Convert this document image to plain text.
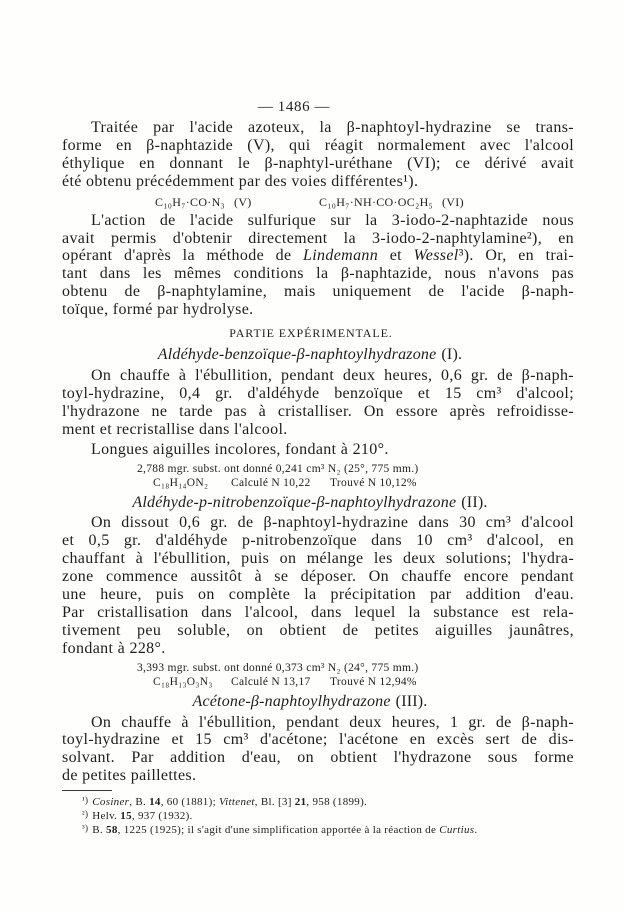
— 1486 —
Traitée par l'acide azoteux, la β-naphtoyl-hydrazine se trans-
forme en β-naphtazide (V), qui réagit normalement avec l'alcool
éthylique en donnant le β-naphtyl-uréthane (VI); ce dérivé avait
été obtenu précédemment par des voies différentes¹).
C₁₀H₇·CO·N₃ (V)	C₁₀H₇·NH·CO·OC₂H₅ (VI)
L'action de l'acide sulfurique sur la 3-iodo-2-naphtazide nous
avait permis d'obtenir directement la 3-iodo-2-naphtylamine²), en
opérant d'après la méthode de Lindemann et Wessel³). Or, en trai-
tant dans les mêmes conditions la β-naphtazide, nous n'avons pas
obtenu de β-naphtylamine, mais uniquement de l'acide β-naph-
toïque, formé par hydrolyse.
PARTIE EXPÉRIMENTALE.
Aldéhyde-benzoïque-β-naphtoylhydrazone (I).
On chauffe à l'ébullition, pendant deux heures, 0,6 gr. de β-naph-
toyl-hydrazine, 0,4 gr. d'aldéhyde benzoïque et 15 cm³ d'alcool;
l'hydrazone ne tarde pas à cristalliser. On essore après refroidisse-
ment et recristallise dans l'alcool.
Longues aiguilles incolores, fondant à 210°.
2,788 mgr. subst. ont donné 0,241 cm³ N₂ (25°, 775 mm.)
C₁₈H₁₄ON₂ Calculé N 10,22 Trouvé N 10,12%
Aldéhyde-p-nitrobenzoïque-β-naphtoylhydrazone (II).
On dissout 0,6 gr. de β-naphtoyl-hydrazine dans 30 cm³ d'alcool
et 0,5 gr. d'aldéhyde p-nitrobenzoïque dans 10 cm³ d'alcool, en
chauffant à l'ébullition, puis on mélange les deux solutions; l'hydra-
zone commence aussitôt à se déposer. On chauffe encore pendant
une heure, puis on complète la précipitation par addition d'eau.
Par cristallisation dans l'alcool, dans lequel la substance est rela-
tivement peu soluble, on obtient de petites aiguilles jaunâtres,
fondant à 228°.
3,393 mgr. subst. ont donné 0,373 cm³ N₂ (24°, 775 mm.)
C₁₈H₁₃O₃N₃ Calculé N 13,17 Trouvé N 12,94%
Acétone-β-naphtoylhydrazone (III).
On chauffe à l'ébullition, pendant deux heures, 1 gr. de β-naph-
toyl-hydrazine et 15 cm³ d'acétone; l'acétone en excès sert de dis-
solvant. Par addition d'eau, on obtient l'hydrazone sous forme
de petites paillettes.
¹) Cosiner, B. 14, 60 (1881); Vittenet, Bl. [3] 21, 958 (1899).
²) Helv. 15, 937 (1932).
³) B. 58, 1225 (1925); il s'agit d'une simplification apportée à la réaction de Curtius.
